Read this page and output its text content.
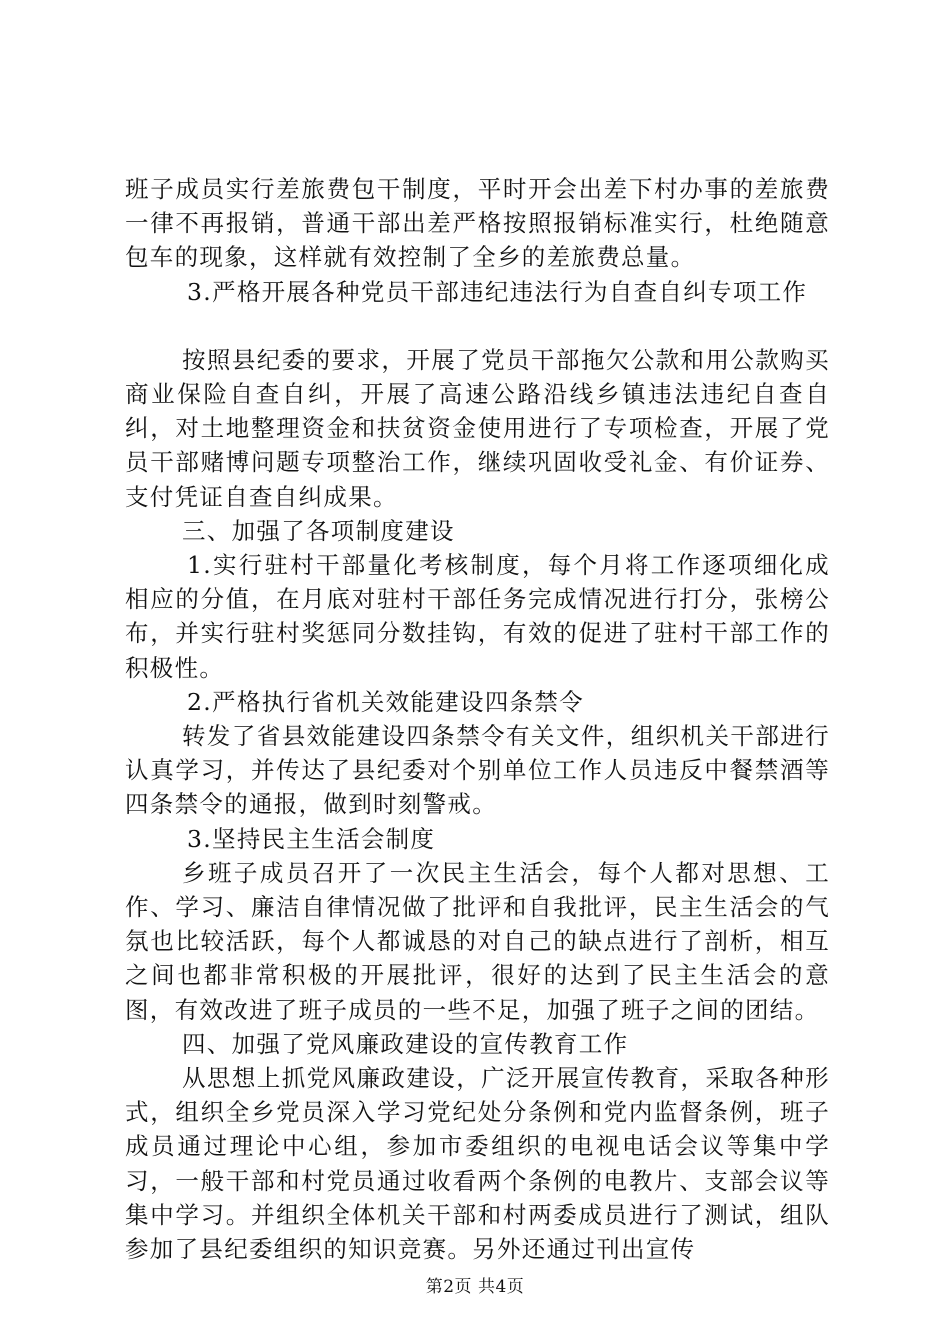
班子成员实行差旅费包干制度，平时开会出差下村办事的差旅费一律不再报销，普通干部出差严格按照报销标准实行，杜绝随意包车的现象，这样就有效控制了全乡的差旅费总量。

3.严格开展各种党员干部违纪违法行为自查自纠专项工作

按照县纪委的要求，开展了党员干部拖欠公款和用公款购买商业保险自查自纠，开展了高速公路沿线乡镇违法违纪自查自纠，对土地整理资金和扶贫资金使用进行了专项检查，开展了党员干部赌博问题专项整治工作，继续巩固收受礼金、有价证券、支付凭证自查自纠成果。

三、加强了各项制度建设

1.实行驻村干部量化考核制度，每个月将工作逐项细化成相应的分值，在月底对驻村干部任务完成情况进行打分，张榜公布，并实行驻村奖惩同分数挂钩，有效的促进了驻村干部工作的积极性。

2.严格执行省机关效能建设四条禁令

转发了省县效能建设四条禁令有关文件，组织机关干部进行认真学习，并传达了县纪委对个别单位工作人员违反中餐禁酒等四条禁令的通报，做到时刻警戒。

3.坚持民主生活会制度

乡班子成员召开了一次民主生活会，每个人都对思想、工作、学习、廉洁自律情况做了批评和自我批评，民主生活会的气氛也比较活跃，每个人都诚恳的对自己的缺点进行了剖析，相互之间也都非常积极的开展批评，很好的达到了民主生活会的意图，有效改进了班子成员的一些不足，加强了班子之间的团结。

四、加强了党风廉政建设的宣传教育工作

从思想上抓党风廉政建设，广泛开展宣传教育，采取各种形式，组织全乡党员深入学习党纪处分条例和党内监督条例，班子成员通过理论中心组，参加市委组织的电视电话会议等集中学习，一般干部和村党员通过收看两个条例的电教片、支部会议等集中学习。并组织全体机关干部和村两委成员进行了测试，组队参加了县纪委组织的知识竞赛。另外还通过刊出宣传

第2页 共4页
